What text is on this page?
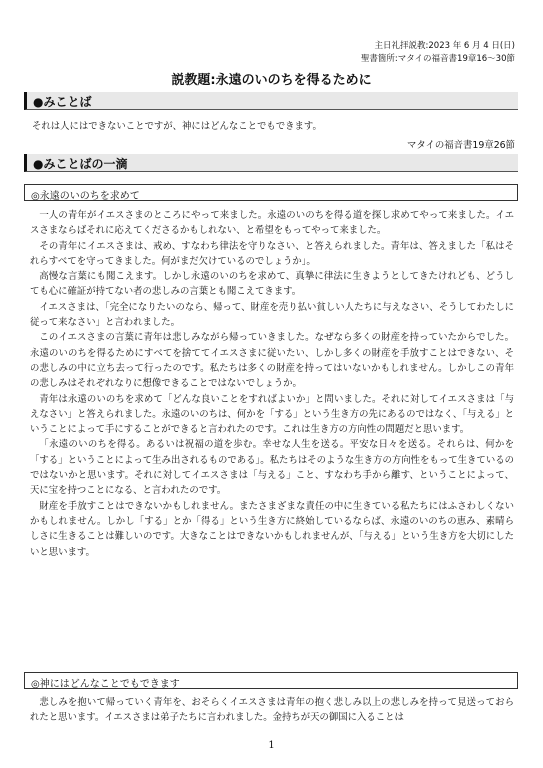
主日礼拝説教:2023 年 6 月 4 日(日)
聖書箇所:マタイの福音書19章16～30節
説教題:永遠のいのちを得るために
●みことば
それは人にはできないことですが、神にはどんなことでもできます。
マタイの福音書19章26節
●みことばの一滴
◎永遠のいのちを求めて

一人の青年がイエスさまのところにやって来ました。永遠のいのちを得る道を探し求めてやって来ました。イエスさまならばそれに応えてくださるかもしれない、と希望をもってやって来ました。

その青年にイエスさまは、戒め、すなわち律法を守りなさい、と答えられました。青年は、答えました「私はそれらすべてを守ってきました。何がまだ欠けているのでしょうか」。

高慢な言葉にも聞こえます。しかし永遠のいのちを求めて、真摯に律法に生きようとしてきたけれども、どうしても心に確証が持てない者の悲しみの言葉とも聞こえてきます。

イエスさまは、「完全になりたいのなら、帰って、財産を売り払い貧しい人たちに与えなさい、そうしてわたしに従って来なさい」と言われました。

このイエスさまの言葉に青年は悲しみながら帰っていきました。なぜなら多くの財産を持っていたからでした。永遠のいのちを得るためにすべてを捨ててイエスさまに従いたい、しかし多くの財産を手放すことはできない、その悲しみの中に立ち去って行ったのです。私たちは多くの財産を持ってはいないかもしれません。しかしこの青年の悲しみはそれぞれなりに想像できることではないでしょうか。

青年は永遠のいのちを求めて「どんな良いことをすればよいか」と問いました。それに対してイエスさまは「与えなさい」と答えられました。永遠のいのちは、何かを「する」という生き方の先にあるのではなく、「与える」ということによって手にすることができると言われたのです。これは生き方の方向性の問題だと思います。

「永遠のいのちを得る。あるいは祝福の道を歩む。幸せな人生を送る。平安な日々を送る。それらは、何かを「する」ということによって生み出されるものである」。私たちはそのような生き方の方向性をもって生きているのではないかと思います。それに対してイエスさまは「与える」こと、すなわち手から離す、ということによって、天に宝を持つことになる、と言われたのです。

財産を手放すことはできないかもしれません。またさまざまな責任の中に生きている私たちにはふさわしくないかもしれません。しかし「する」とか「得る」という生き方に終始しているならば、永遠のいのちの恵み、素晴らしさに生きることは難しいのです。大きなことはできないかもしれませんが、「与える」という生き方を大切にしたいと思います。

◎神にはどんなことでもできます

悲しみを抱いて帰っていく青年を、おそらくイエスさまは青年の抱く悲しみ以上の悲しみを持って見送っておられたと思います。イエスさまは弟子たちに言われました。金持ちが天の御国に入ることは

1
